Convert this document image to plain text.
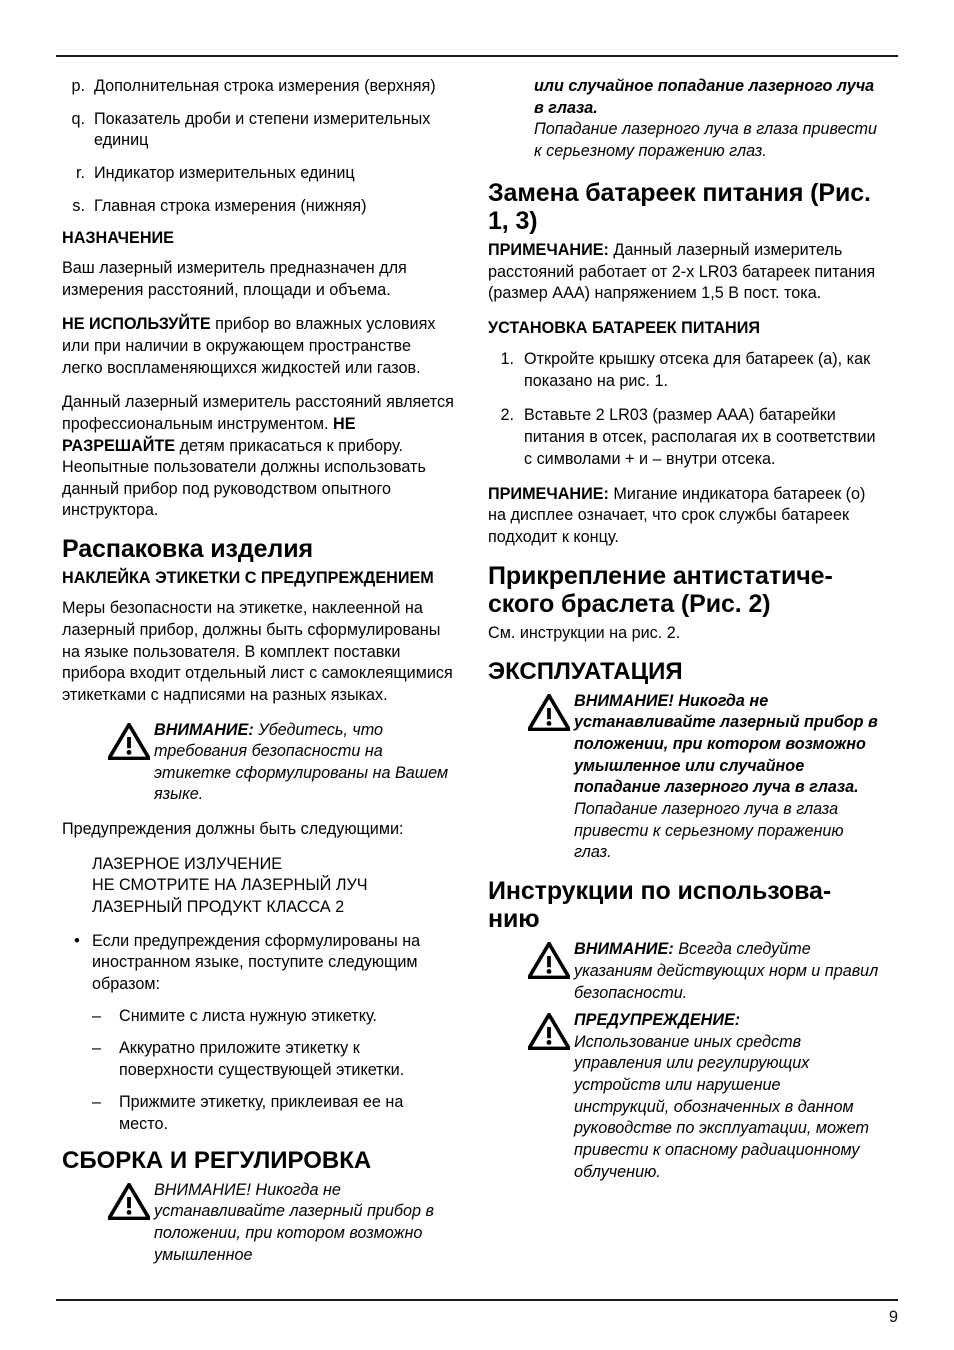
p. Дополнительная строка измерения (верхняя)
q. Показатель дроби и степени измерительных единиц
r. Индикатор измерительных единиц
s. Главная строка измерения (нижняя)
НАЗНАЧЕНИЕ

Ваш лазерный измеритель предназначен для измерения расстояний, площади и объема.

НЕ ИСПОЛЬЗУЙТЕ прибор во влажных условиях или при наличии в окружающем пространстве легко воспламеняющихся жидкостей или газов.

Данный лазерный измеритель расстояний является профессиональным инструментом. НЕ РАЗРЕШАЙТЕ детям прикасаться к прибору. Неопытные пользователи должны использовать данный прибор под руководством опытного инструктора.

Распаковка изделия
НАКЛЕЙКА ЭТИКЕТКИ С ПРЕДУПРЕЖДЕНИЕМ

Меры безопасности на этикетке, наклеенной на лазерный прибор, должны быть сформулированы на языке пользователя. В комплект поставки прибора входит отдельный лист с самоклеящимися этикетками с надписями на разных языках.

ВНИМАНИЕ: Убедитесь, что требования безопасности на этикетке сформулированы на Вашем языке.

Предупреждения должны быть следующими:

ЛАЗЕРНОЕ ИЗЛУЧЕНИЕ
НЕ СМОТРИТЕ НА ЛАЗЕРНЫЙ ЛУЧ
ЛАЗЕРНЫЙ ПРОДУКТ КЛАССА 2
• Если предупреждения сформулированы на иностранном языке, поступите следующим образом:
–	Снимите с листа нужную этикетку.
–	Аккуратно приложите этикетку к поверхности существующей этикетки.
–	Прижмите этикетку, приклеивая ее на место.
СБОРКА И РЕГУЛИРОВКА
ВНИМАНИЕ! Никогда не устанавливайте лазерный прибор в положении, при котором возможно умышленное
или случайное попадание лазерного луча в глаза.
Попадание лазерного луча в глаза привести к серьезному поражению глаз.
Замена батареек питания (Рис. 1, 3)

ПРИМЕЧАНИЕ: Данный лазерный измеритель расстояний работает от 2-х LR03 батареек питания (размер AAA) напряжением 1,5 В пост. тока.

УСТАНОВКА БАТАРЕЕК ПИТАНИЯ
1. Откройте крышку отсека для батареек (a), как показано на рис. 1.
2. Вставьте 2 LR03 (размер AAA) батарейки питания в отсек, располагая их в соответствии с символами + и – внутри отсека.

ПРИМЕЧАНИЕ: Мигание индикатора батареек (o) на дисплее означает, что срок службы батареек подходит к концу.

Прикрепление антистатиче-ского браслета (Рис. 2)

См. инструкции на рис. 2.

ЭКСПЛУАТАЦИЯ
ВНИМАНИЕ! Никогда не устанавливайте лазерный прибор в положении, при котором возможно умышленное или случайное попадание лазерного луча в глаза.
Попадание лазерного луча в глаза привести к серьезному поражению глаз.
Инструкции по использова-нию
ВНИМАНИЕ: Всегда следуйте указаниям действующих норм и правил безопасности.
ПРЕДУПРЕЖДЕНИЕ:
Использование иных средств управления или регулирующих устройств или нарушение инструкций, обозначенных в данном руководстве по эксплуатации, может привести к опасному радиационному облучению.
9
